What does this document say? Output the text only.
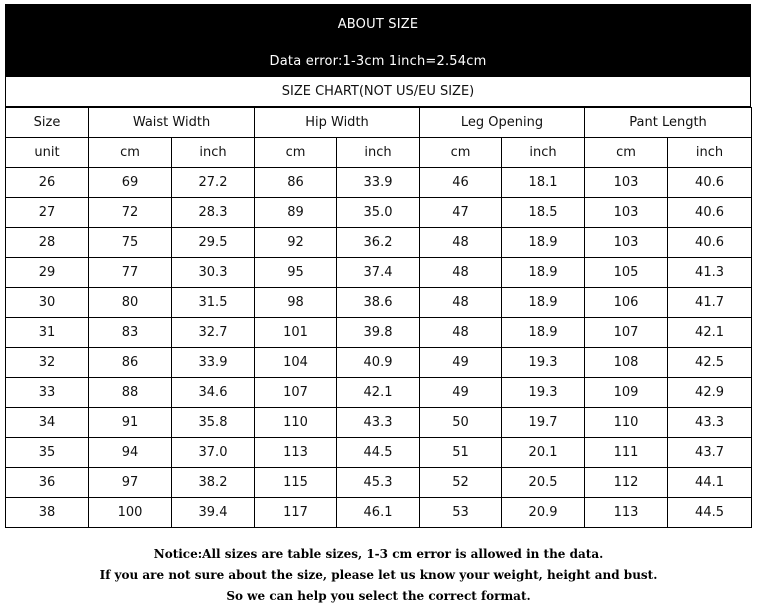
ABOUT SIZE
Data error:1-3cm 1inch=2.54cm
SIZE CHART(NOT US/EU SIZE)
Size	Waist Width		Hip Width		Leg Opening		Pant Length	
unit	cm	inch	cm	inch	cm	inch	cm	inch
26	69	27.2	86	33.9	46	18.1	103	40.6
27	72	28.3	89	35.0	47	18.5	103	40.6
28	75	29.5	92	36.2	48	18.9	103	40.6
29	77	30.3	95	37.4	48	18.9	105	41.3
30	80	31.5	98	38.6	48	18.9	106	41.7
31	83	32.7	101	39.8	48	18.9	107	42.1
32	86	33.9	104	40.9	49	19.3	108	42.5
33	88	34.6	107	42.1	49	19.3	109	42.9
34	91	35.8	110	43.3	50	19.7	110	43.3
35	94	37.0	113	44.5	51	20.1	111	43.7
36	97	38.2	115	45.3	52	20.5	112	44.1
38	100	39.4	117	46.1	53	20.9	113	44.5
Notice:All sizes are table sizes, 1-3 cm error is allowed in the data.
If you are not sure about the size, please let us know your weight, height and bust.
So we can help you select the correct format.
